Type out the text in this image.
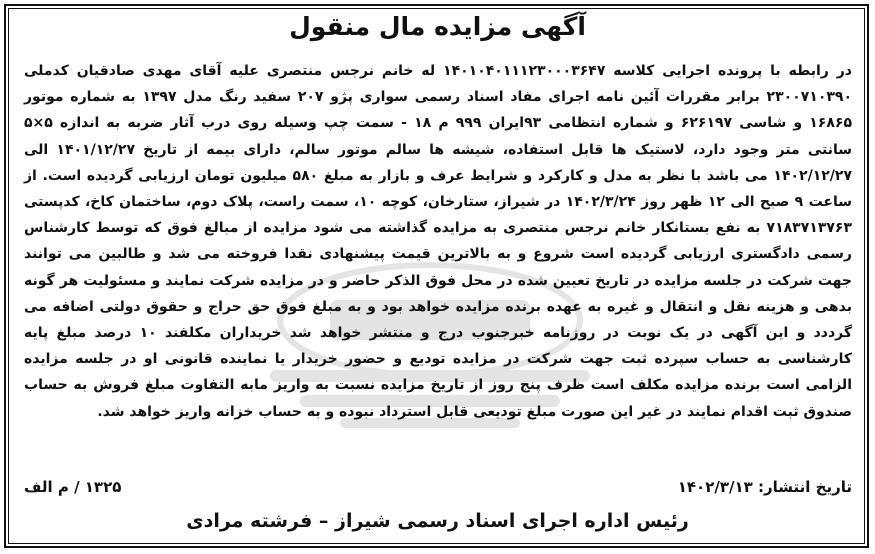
آگهی مزایده مال منقول

در رابطه با پرونده اجرایی کلاسه ۱۴۰۱۰۴۰۱۱۱۲۳۰۰۰۳۶۴۷ له خانم نرجس منتصری علیه آقای مهدی صادقیان کدملی ۲۳۰۰۷۱۰۳۹۰ برابر مقررات آئین نامه اجرای مفاد اسناد رسمی سواری پژو ۲۰۷ سفید رنگ مدل ۱۳۹۷ به شماره موتور ۱۶۸۶۵ و شاسی ۶۲۶۱۹۷ و شماره انتظامی ۹۳ایران ۹۹۹ م ۱۸ - سمت چپ وسیله روی درب آثار ضربه به اندازه ۵×۵ سانتی متر وجود دارد، لاستیک ها قابل استفاده، شیشه ها سالم موتور سالم، دارای بیمه از تاریخ ۱۴۰۱/۱۲/۲۷ الی ۱۴۰۲/۱۲/۲۷ می باشد با نظر به مدل و کارکرد و شرایط عرف و بازار به مبلغ ۵۸۰ میلیون تومان ارزیابی گردیده است. از ساعت ۹ صبح الی ۱۲ ظهر روز ۱۴۰۲/۳/۲۴ در شیراز، ستارخان، کوچه ۱۰، سمت راست، پلاک دوم، ساختمان کاخ، کدپستی ۷۱۸۳۷۱۳۷۶۳ به نفع بستانکار خانم نرجس منتصری به مزایده گذاشته می شود مزایده از مبالغ فوق که توسط کارشناس رسمی دادگستری ارزیابی گردیده است شروع و به بالاترین قیمت پیشنهادی نقدا فروخته می شد و طالبین می توانند جهت شرکت در جلسه مزایده در تاریخ تعیین شده در محل فوق الذکر حاضر و در مزایده شرکت نمایند و مسئولیت هر گونه بدهی و هزینه نقل و انتقال و غیره به عهده برنده مزایده خواهد بود و به مبلغ فوق حق حراج و حقوق دولتی اضافه می گرددد و این آگهی در یک نوبت در روزنامه خبرجنوب درج و منتشر خواهد شد خریداران مکلفند ۱۰ درصد مبلغ پایه کارشناسی به حساب سپرده ثبت جهت شرکت در مزایده تودیع و حضور خریدار یا نماینده قانونی او در جلسه مزایده الزامی است برنده مزایده مکلف است ظرف پنج روز از تاریخ مزایده نسبت به واریز مابه التفاوت مبلغ فروش به حساب صندوق ثبت اقدام نمایند در غیر این صورت مبلغ تودیعی قابل استرداد نبوده و به حساب خزانه واریز خواهد شد.

تاریخ انتشار: ۱۴۰۲/۳/۱۳
۱۳۲۵ / م الف
رئیس اداره اجرای اسناد رسمی شیراز – فرشته مرادی
